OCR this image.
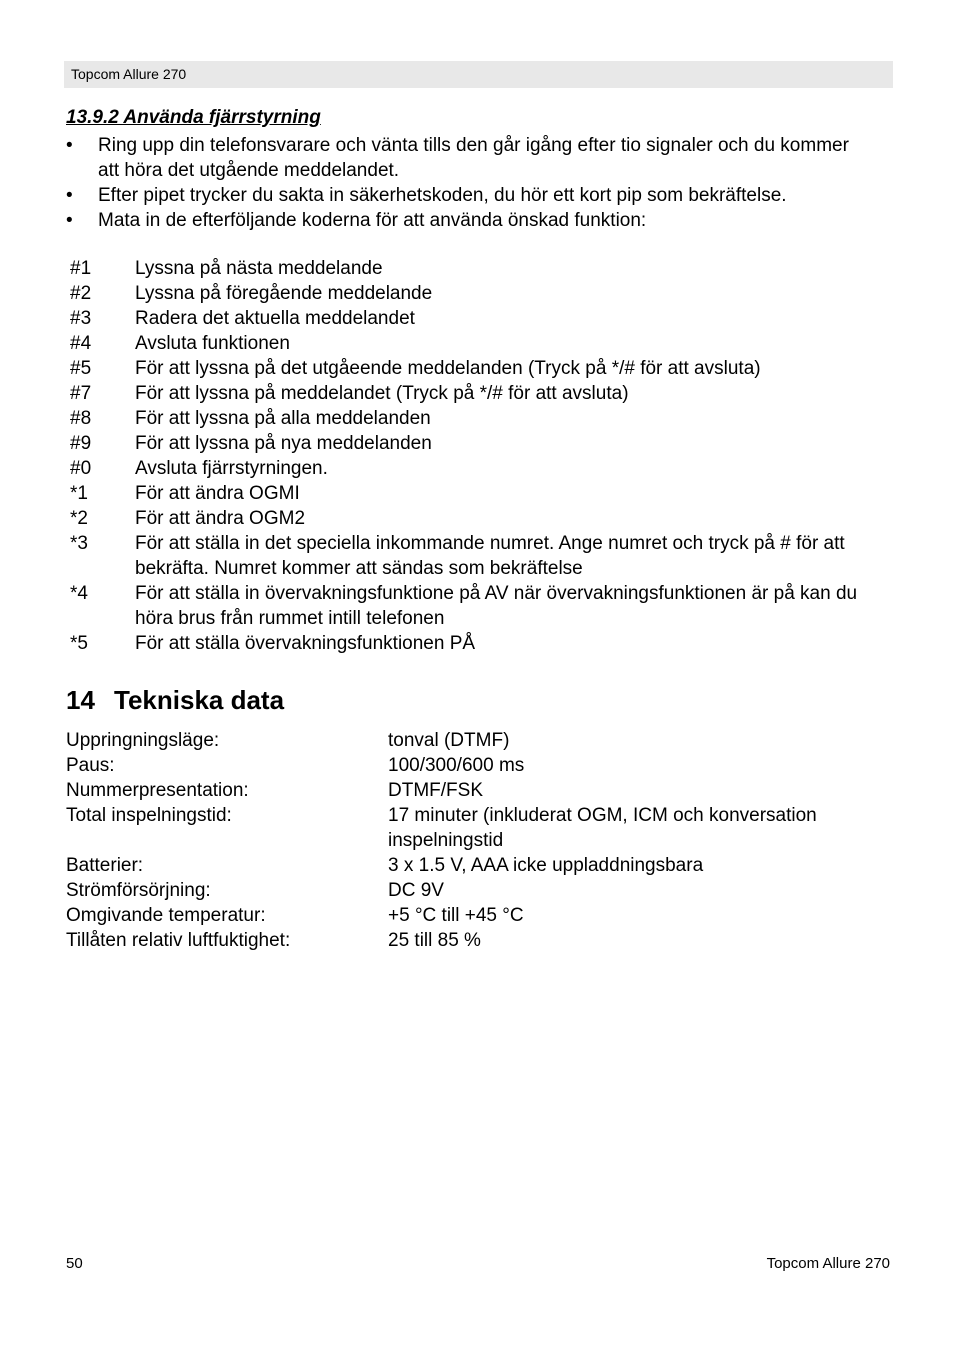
Topcom Allure 270
13.9.2 Använda fjärrstyrning
• Ring upp din telefonsvarare och vänta tills den går igång efter tio signaler och du kommer att höra det utgående meddelandet.
• Efter pipet trycker du sakta in säkerhetskoden, du hör ett kort pip som bekräftelse.
• Mata in de efterföljande koderna för att använda önskad funktion:
#1 Lyssna på nästa meddelande
#2 Lyssna på föregående meddelande
#3 Radera det aktuella meddelandet
#4 Avsluta funktionen
#5 För att lyssna på det utgåeende meddelanden (Tryck på */# för att avsluta)
#7 För att lyssna på meddelandet (Tryck på */# för att avsluta)
#8 För att lyssna på alla meddelanden
#9 För att lyssna på nya meddelanden
#0 Avsluta fjärrstyrningen.
*1 För att ändra OGMI
*2 För att ändra OGM2
*3 För att ställa in det speciella inkommande numret. Ange numret och tryck på # för att bekräfta. Numret kommer att sändas som bekräftelse
*4 För att ställa in övervakningsfunktione på AV när övervakningsfunktionen är på kan du höra brus från rummet intill telefonen
*5 För att ställa övervakningsfunktionen PÅ
14 Tekniska data
Uppringningsläge:	tonval (DTMF)
Paus:	100/300/600 ms
Nummerpresentation:	DTMF/FSK
Total inspelningstid:	17 minuter (inkluderat OGM, ICM och konversation inspelningstid
Batterier:	3 x 1.5 V, AAA icke uppladdningsbara
Strömförsörjning:	DC 9V
Omgivande temperatur:	+5 °C till +45 °C
Tillåten relativ luftfuktighet:	25 till 85 %
50	Topcom Allure 270
